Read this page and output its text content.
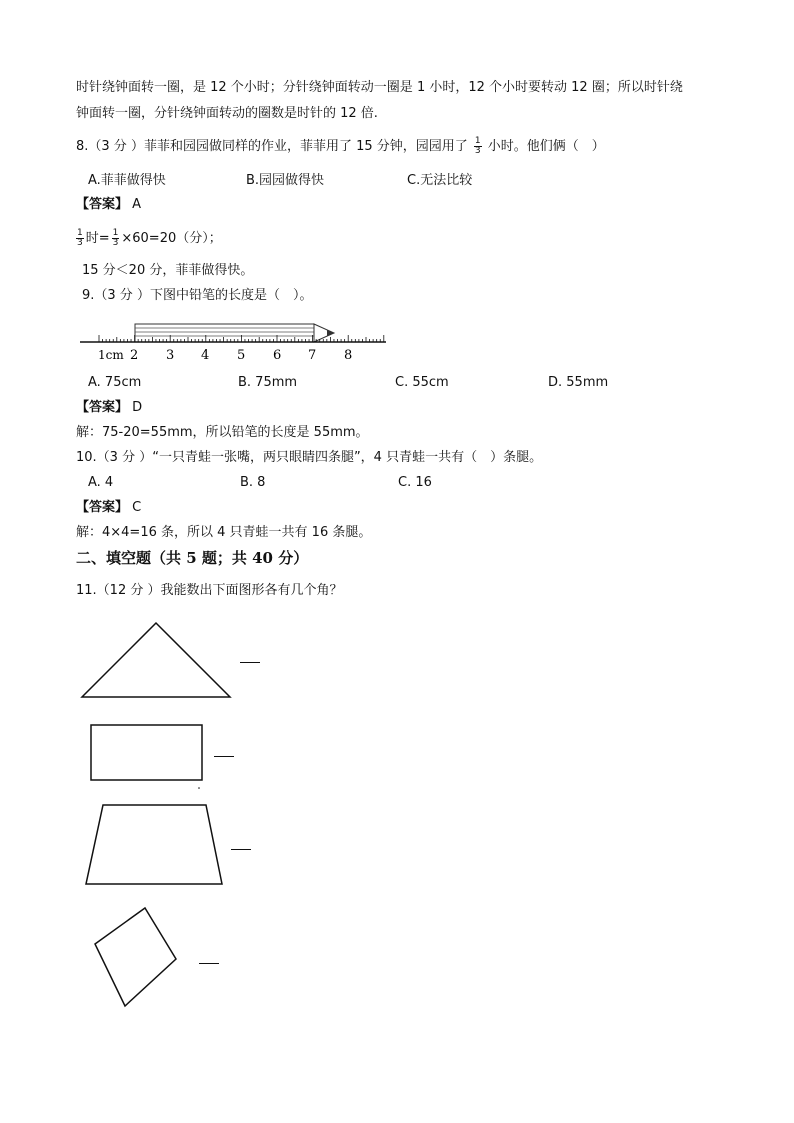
时针绕钟面转一圈，是 12 个小时；分针绕钟面转动一圈是 1 小时，12 个小时要转动 12 圈；所以时针绕
钟面转一圈，分针绕钟面转动的圈数是时针的 12 倍.
8.（3 分 ）菲菲和园园做同样的作业，菲菲用了 15 分钟，园园用了 $\frac{1}{3}$ 小时。他们俩（　）
A.菲菲做得快	B.园园做得快	C.无法比较
【答案】 A
$\frac{1}{3}$ 时= $\frac{1}{3} \times 60=20$（分）；
15 分＜20 分，菲菲做得快。
9.（3 分 ）下图中铅笔的长度是（　）。
1cm 2 3 4 5 6 7 8
A. 75cm	B. 75mm	C. 55cm	D. 55mm
【答案】 D
解：75-20=55mm，所以铅笔的长度是 55mm。
10.（3 分 ）“一只青蛙一张嘴，两只眼睛四条腿”，4 只青蛙一共有（　）条腿。
A. 4	B. 8	C. 16
【答案】 C
解：4×4=16 条，所以 4 只青蛙一共有 16 条腿。
二、填空题（共 5 题；共 40 分）
11.（12 分 ）我能数出下面图形各有几个角？
